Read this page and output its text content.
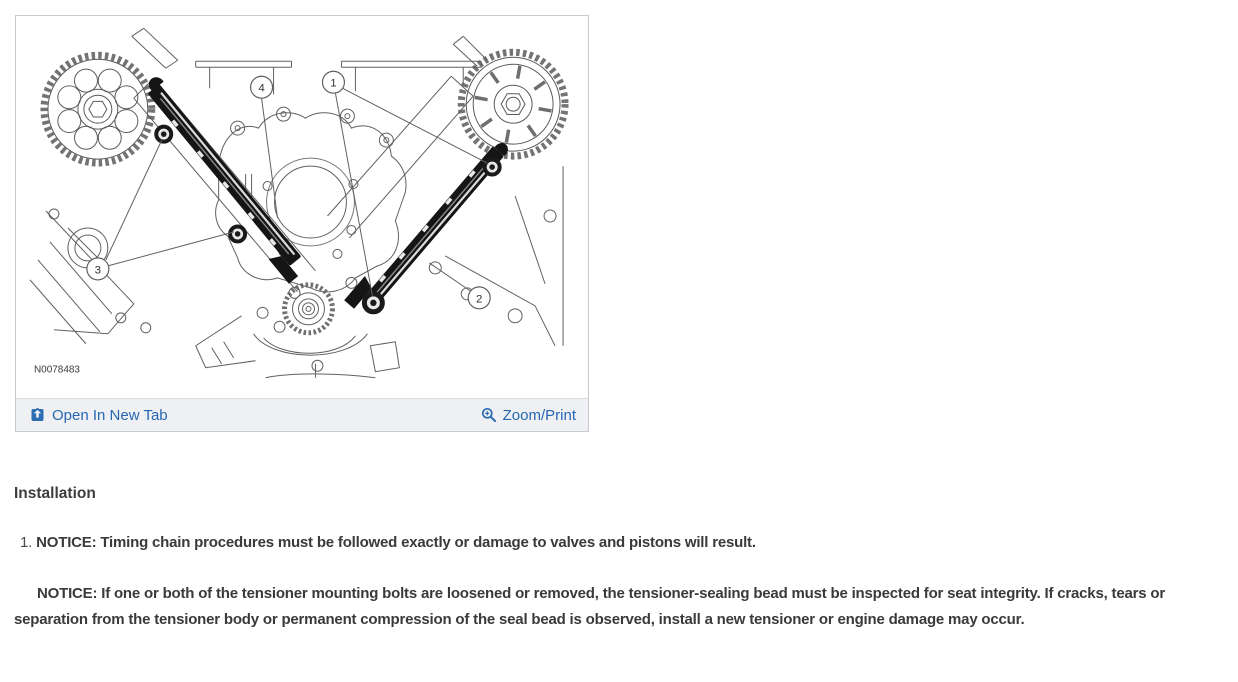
4	1
3
2
N0078483
Open In New Tab	Zoom/Print
Installation

1. NOTICE: Timing chain procedures must be followed exactly or damage to valves and pistons will result.

NOTICE: If one or both of the tensioner mounting bolts are loosened or removed, the tensioner-sealing bead must be inspected for seat integrity. If cracks, tears or separation from the tensioner body or permanent compression of the seal bead is observed, install a new tensioner or engine damage may occur.
